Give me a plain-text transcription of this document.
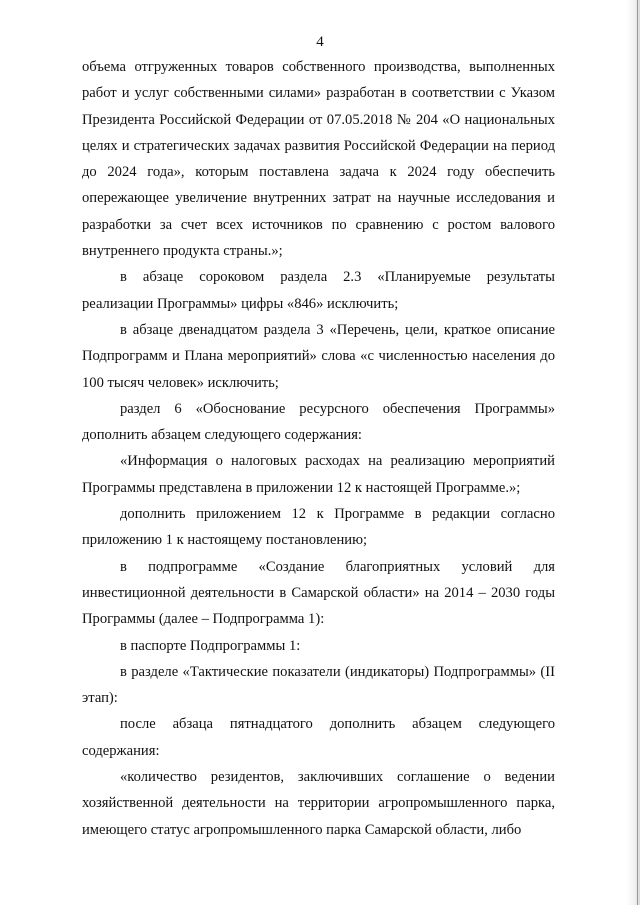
4

объема отгруженных товаров собственного производства, выполненных работ и услуг собственными силами» разработан в соответствии с Указом Президента Российской Федерации от 07.05.2018 № 204 «О национальных целях и стратегических задачах развития Российской Федерации на период до 2024 года», которым поставлена задача к 2024 году обеспечить опережающее увеличение внутренних затрат на научные исследования и разработки за счет всех источников по сравнению с ростом валового внутреннего продукта страны.»;

в абзаце сороковом раздела 2.3 «Планируемые результаты реализации Программы» цифры «846» исключить;

в абзаце двенадцатом раздела 3 «Перечень, цели, краткое описание Подпрограмм и Плана мероприятий» слова «с численностью населения до 100 тысяч человек» исключить;

раздел 6 «Обоснование ресурсного обеспечения Программы» дополнить абзацем следующего содержания:

«Информация о налоговых расходах на реализацию мероприятий Программы представлена в приложении 12 к настоящей Программе.»;

дополнить приложением 12 к Программе в редакции согласно приложению 1 к настоящему постановлению;

в подпрограмме «Создание благоприятных условий для инвестиционной деятельности в Самарской области» на 2014 – 2030 годы Программы (далее – Подпрограмма 1):

в паспорте Подпрограммы 1:

в разделе «Тактические показатели (индикаторы) Подпрограммы» (II этап):

после абзаца пятнадцатого дополнить абзацем следующего содержания:

«количество резидентов, заключивших соглашение о ведении хозяйственной деятельности на территории агропромышленного парка, имеющего статус агропромышленного парка Самарской области, либо
